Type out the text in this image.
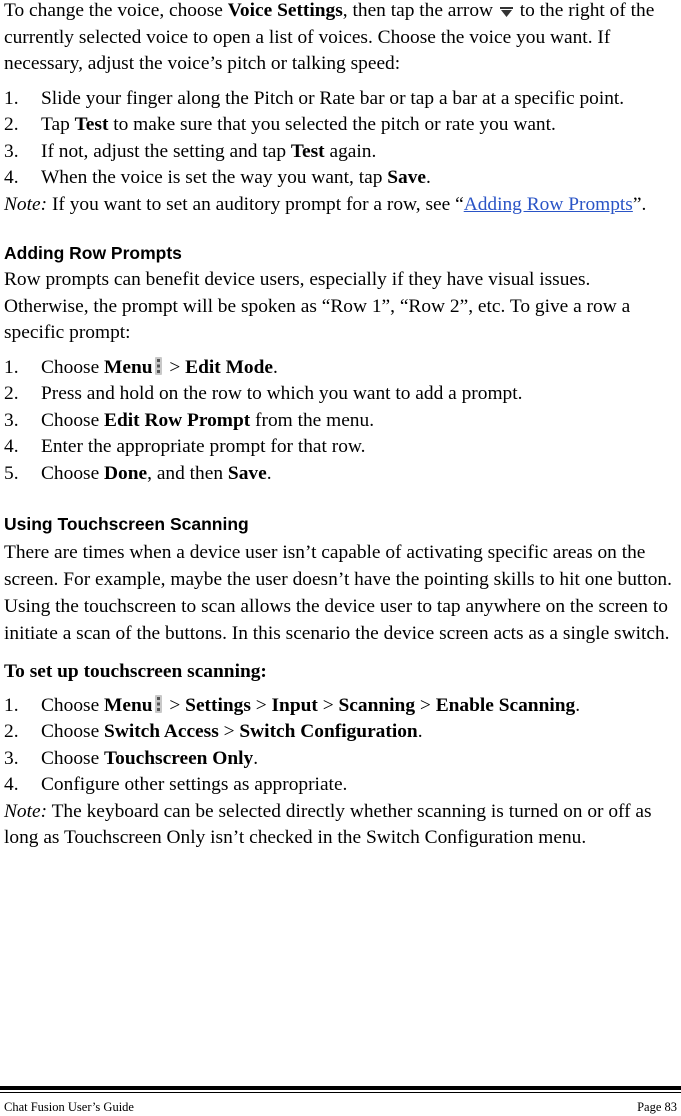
To change the voice, choose Voice Settings, then tap the arrow  to the right of the currently selected voice to open a list of voices. Choose the voice you want. If necessary, adjust the voice’s pitch or talking speed:

1. Slide your finger along the Pitch or Rate bar or tap a bar at a specific point.
2. Tap Test to make sure that you selected the pitch or rate you want.
3. If not, adjust the setting and tap Test again.
4. When the voice is set the way you want, tap Save.

Note: If you want to set an auditory prompt for a row, see “Adding Row Prompts”.

Adding Row Prompts

Row prompts can benefit device users, especially if they have visual issues. Otherwise, the prompt will be spoken as “Row 1”, “Row 2”, etc. To give a row a specific prompt:

1. Choose Menu > Edit Mode.
2. Press and hold on the row to which you want to add a prompt.
3. Choose Edit Row Prompt from the menu.
4. Enter the appropriate prompt for that row.
5. Choose Done, and then Save.
Using Touchscreen Scanning

There are times when a device user isn’t capable of activating specific areas on the screen. For example, maybe the user doesn’t have the pointing skills to hit one button. Using the touchscreen to scan allows the device user to tap anywhere on the screen to initiate a scan of the buttons. In this scenario the device screen acts as a single switch.

To set up touchscreen scanning:

1. Choose Menu > Settings > Input > Scanning > Enable Scanning.
2. Choose Switch Access > Switch Configuration.
3. Choose Touchscreen Only.
4. Configure other settings as appropriate.

Note: The keyboard can be selected directly whether scanning is turned on or off as long as Touchscreen Only isn’t checked in the Switch Configuration menu.

Chat Fusion User’s Guide	Page 83
